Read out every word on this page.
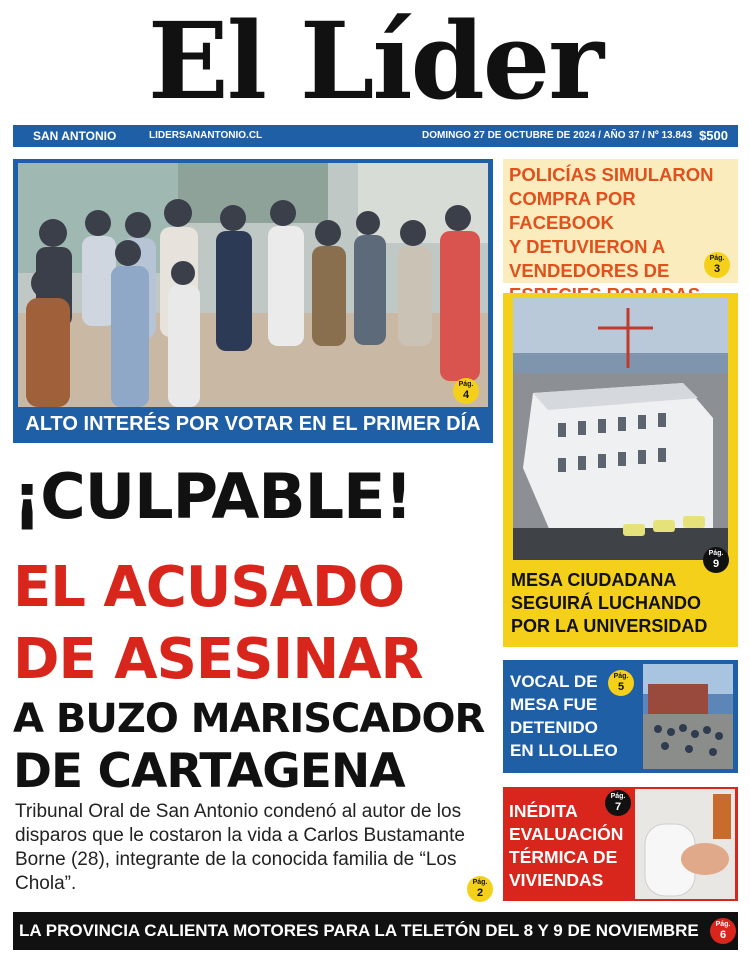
El Líder
SAN ANTONIO	LIDERSANANTONIO.CL	DOMINGO 27 DE OCTUBRE DE 2024 / AÑO 37 / Nº 13.843 $500
Pág.
4
ALTO INTERÉS POR VOTAR EN EL PRIMER DÍA
¡CULPABLE!
EL ACUSADO
DE ASESINAR
A BUZO MARISCADOR
DE CARTAGENA
Tribunal Oral de San Antonio condenó al autor de los disparos que le costaron la vida a Carlos Bustamante Borne (28), integrante de la conocida familia de “Los Chola”.	Pág.
2
POLICÍAS SIMULARON
COMPRA POR FACEBOOK
Y DETUVIERON A
VENDEDORES DE
Pág.
3
Pág.
9
MESA CIUDADANA
SEGUIRÁ LUCHANDO
POR LA UNIVERSIDAD
VOCAL DE
MESA FUE
DETENIDO
EN LLOLLEO
Pág.
5
INÉDITA
EVALUACIÓN
TÉRMICA DE
VIVIENDAS
Pág.
7
LA PROVINCIA CALIENTA MOTORES PARA LA TELETÓN DEL 8 Y 9 DE NOVIEMBRE	Pág.
6
